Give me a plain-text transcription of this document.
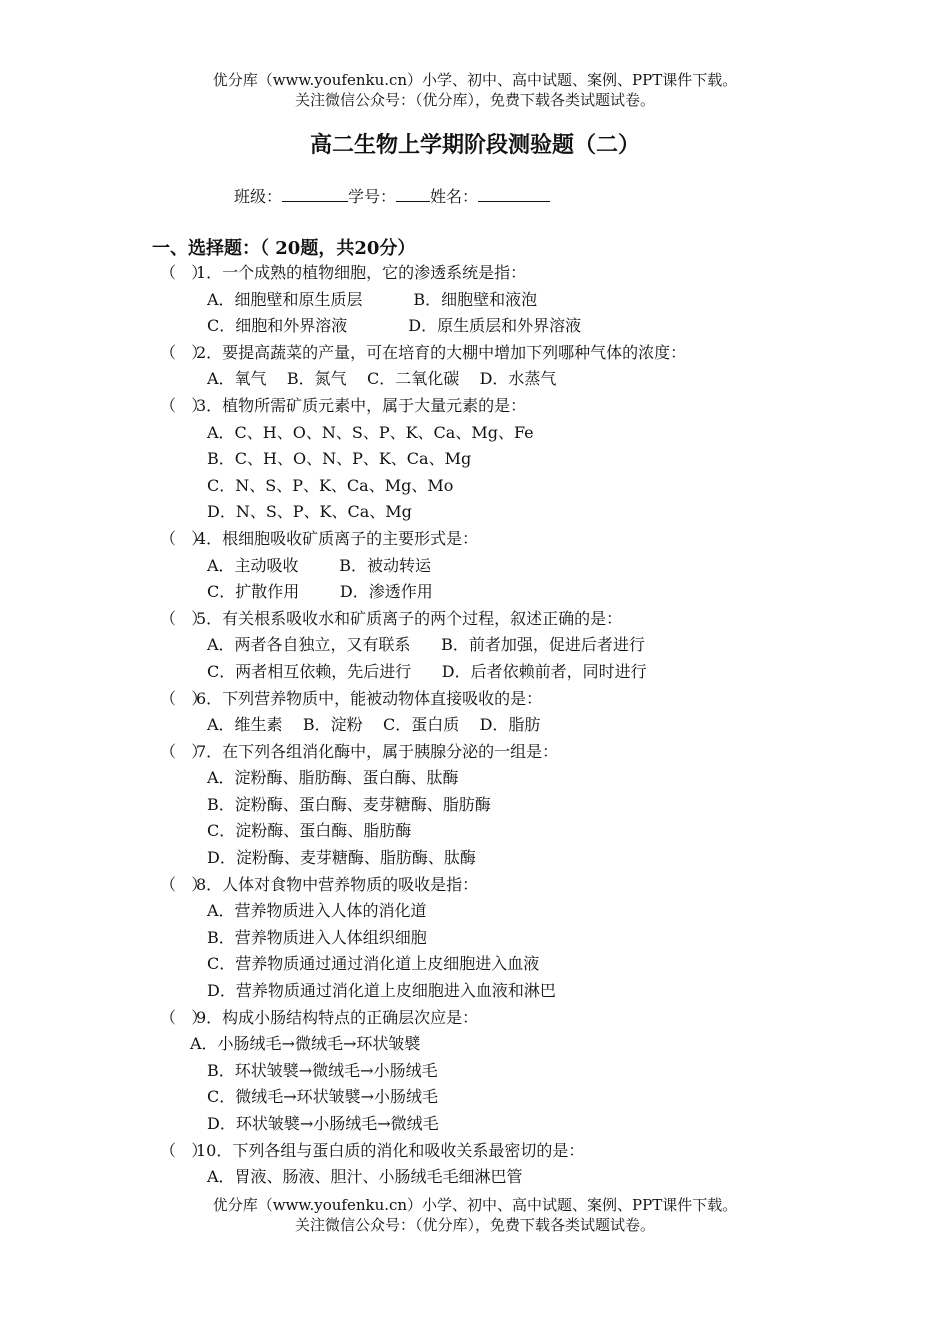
优分库（www.youfenku.cn）小学、初中、高中试题、案例、PPT课件下载。
关注微信公众号：（优分库），免费下载各类试题试卷。
高二生物上学期阶段测验题（二）
班级：	学号： 姓名：
一、选择题：（ 20题，共20分）
（   ）1．一个成熟的植物细胞，它的渗透系统是指：
A．细胞壁和原生质层          B．细胞壁和液泡
C．细胞和外界溶液            D．原生质层和外界溶液
（   ）2．要提高蔬菜的产量，可在培育的大棚中增加下列哪种气体的浓度：
A．氧气    B．氮气    C．二氧化碳    D．水蒸气
（   ）3．植物所需矿质元素中，属于大量元素的是：
A．C、H、O、N、S、P、K、Ca、Mg、Fe
B．C、H、O、N、P、K、Ca、Mg
C．N、S、P、K、Ca、Mg、Mo
D．N、S、P、K、Ca、Mg
（   ）4．根细胞吸收矿质离子的主要形式是：
A．主动吸收        B．被动转运
C．扩散作用        D．渗透作用
（   ）5．有关根系吸收水和矿质离子的两个过程，叙述正确的是：
A．两者各自独立，又有联系      B．前者加强，促进后者进行
C．两者相互依赖，先后进行      D．后者依赖前者，同时进行
（   ）6．下列营养物质中，能被动物体直接吸收的是：
A．维生素    B．淀粉    C．蛋白质    D．脂肪
（   ）7．在下列各组消化酶中，属于胰腺分泌的一组是：
A．淀粉酶、脂肪酶、蛋白酶、肽酶
B．淀粉酶、蛋白酶、麦芽糖酶、脂肪酶
C．淀粉酶、蛋白酶、脂肪酶
D．淀粉酶、麦芽糖酶、脂肪酶、肽酶
（   ）8．人体对食物中营养物质的吸收是指：
A．营养物质进入人体的消化道
B．营养物质进入人体组织细胞
C．营养物质通过通过消化道上皮细胞进入血液
D．营养物质通过消化道上皮细胞进入血液和淋巴
（   ）9．构成小肠结构特点的正确层次应是：
A．小肠绒毛→微绒毛→环状皱襞
B．环状皱襞→微绒毛→小肠绒毛
C．微绒毛→环状皱襞→小肠绒毛
D．环状皱襞→小肠绒毛→微绒毛
（   ）10．下列各组与蛋白质的消化和吸收关系最密切的是：
A．胃液、肠液、胆汁、小肠绒毛毛细淋巴管
优分库（www.youfenku.cn）小学、初中、高中试题、案例、PPT课件下载。
关注微信公众号：（优分库），免费下载各类试题试卷。
